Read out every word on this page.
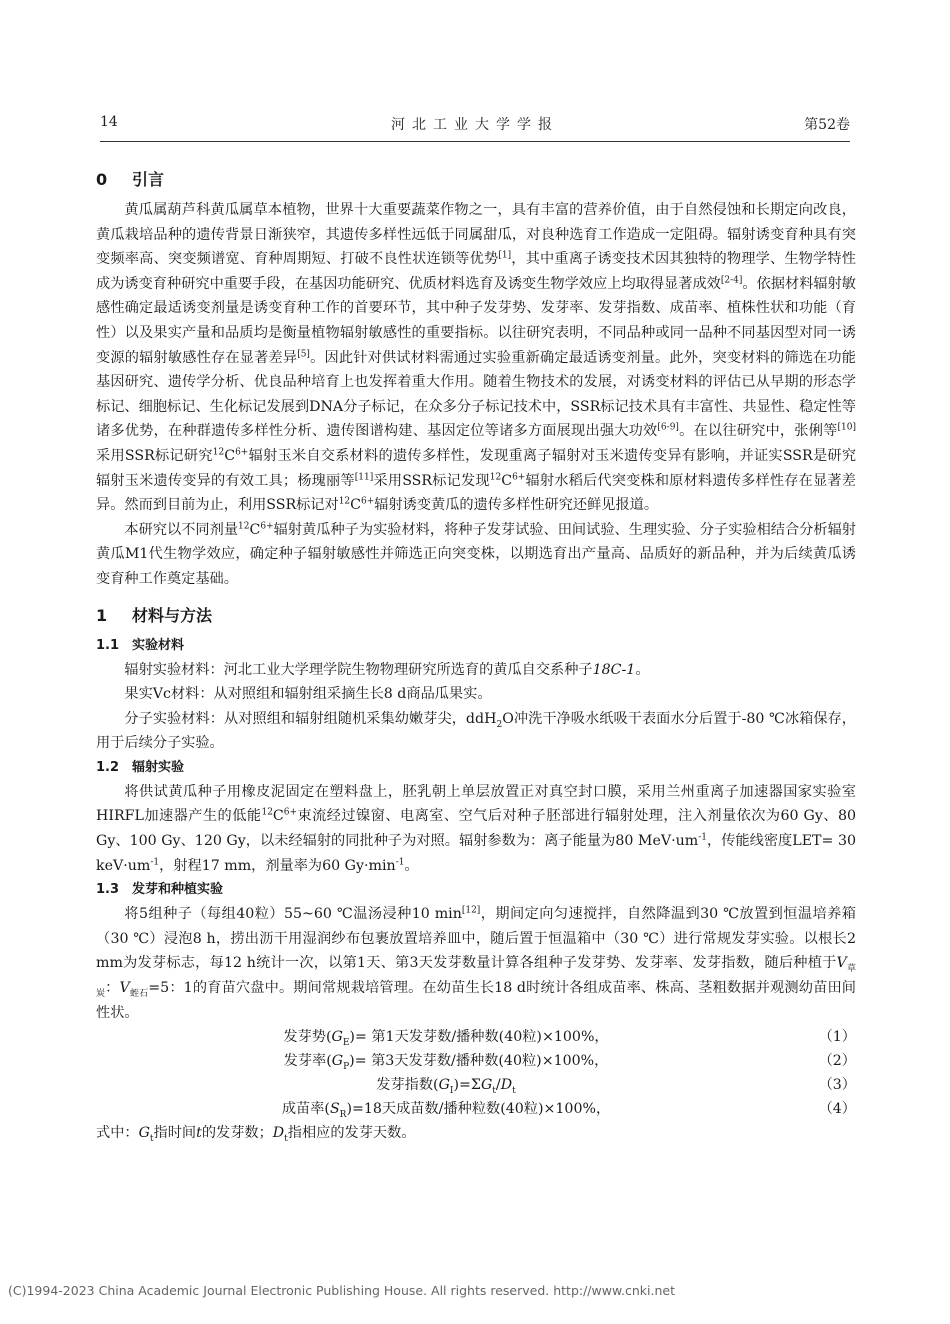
14	河北工业大学学报	第52卷
0 引言

黄瓜属葫芦科黄瓜属草本植物，世界十大重要蔬菜作物之一，具有丰富的营养价值，由于自然侵蚀和长期定向改良，黄瓜栽培品种的遗传背景日渐狭窄，其遗传多样性远低于同属甜瓜，对良种选育工作造成一定阻碍。辐射诱变育种具有突变频率高、突变频谱宽、育种周期短、打破不良性状连锁等优势[1]，其中重离子诱变技术因其独特的物理学、生物学特性成为诱变育种研究中重要手段，在基因功能研究、优质材料选育及诱变生物学效应上均取得显著成效[2-4]。依据材料辐射敏感性确定最适诱变剂量是诱变育种工作的首要环节，其中种子发芽势、发芽率、发芽指数、成苗率、植株性状和功能（育性）以及果实产量和品质均是衡量植物辐射敏感性的重要指标。以往研究表明，不同品种或同一品种不同基因型对同一诱变源的辐射敏感性存在显著差异[5]。因此针对供试材料需通过实验重新确定最适诱变剂量。此外，突变材料的筛选在功能基因研究、遗传学分析、优良品种培育上也发挥着重大作用。随着生物技术的发展，对诱变材料的评估已从早期的形态学标记、细胞标记、生化标记发展到DNA分子标记，在众多分子标记技术中，SSR标记技术具有丰富性、共显性、稳定性等诸多优势，在种群遗传多样性分析、遗传图谱构建、基因定位等诸多方面展现出强大功效[6-9]。在以往研究中，张俐等[10]采用SSR标记研究$^{12}C^{6+}$辐射玉米自交系材料的遗传多样性，发现重离子辐射对玉米遗传变异有影响，并证实SSR是研究辐射玉米遗传变异的有效工具；杨瑰丽等[11]采用SSR标记发现$^{12}C^{6+}$辐射水稻后代突变株和原材料遗传多样性存在显著差异。然而到目前为止，利用SSR标记对$^{12}C^{6+}$辐射诱变黄瓜的遗传多样性研究还鲜见报道。

本研究以不同剂量$^{12}C^{6+}$辐射黄瓜种子为实验材料，将种子发芽试验、田间试验、生理实验、分子实验相结合分析辐射黄瓜M1代生物学效应，确定种子辐射敏感性并筛选正向突变株，以期选育出产量高、品质好的新品种，并为后续黄瓜诱变育种工作奠定基础。

1 材料与方法
1.1 实验材料

辐射实验材料：河北工业大学理学院生物物理研究所选育的黄瓜自交系种子18C-1。

果实Vc材料：从对照组和辐射组采摘生长8 d商品瓜果实。

分子实验材料：从对照组和辐射组随机采集幼嫩芽尖，ddH$_2$O冲洗干净吸水纸吸干表面水分后置于-80 ℃冰箱保存，用于后续分子实验。

1.2 辐射实验

将供试黄瓜种子用橡皮泥固定在塑料盘上，胚乳朝上单层放置正对真空封口膜，采用兰州重离子加速器国家实验室HIRFL加速器产生的低能$^{12}C^{6+}$束流经过镍窗、电离室、空气后对种子胚部进行辐射处理，注入剂量依次为60 Gy、80 Gy、100 Gy、120 Gy，以未经辐射的同批种子为对照。辐射参数为：离子能量为80 $MeV\cdot um^{-1}$，传能线密度LET= 30 $keV\cdot um^{-1}$，射程17 mm，剂量率为60 $Gy\cdot\min^{-1}$。

1.3 发芽和种植实验

将5组种子（每组40粒）55~60 ℃温汤浸种10 min[12]，期间定向匀速搅拌，自然降温到30 ℃放置到恒温培养箱（30 ℃）浸泡8 h，捞出沥干用湿润纱布包裹放置培养皿中，随后置于恒温箱中（30 ℃）进行常规发芽实验。以根长2 mm为发芽标志，每12 h统计一次，以第1天、第3天发芽数量计算各组种子发芽势、发芽率、发芽指数，随后种植于$V_{草炭}$：$V_{蛭石}=5$：1的育苗穴盘中。期间常规栽培管理。在幼苗生长18 d时统计各组成苗率、株高、茎粗数据并观测幼苗田间性状。

发芽势$(G_E)=$ 第1天发芽数/播种数(40粒)×100%，	（1）
发芽率$(G_P)=$ 第3天发芽数/播种数(40粒)×100%，	（2）
发芽指数$(G_I)=\Sigma G_t/D_t$	（3）
成苗率$(S_R)=18$天成苗数/播种粒数(40粒)×100%，	（4）

式中：$G_t$指时间t的发芽数；$D_t$指相应的发芽天数。

(C)1994-2023 China Academic Journal Electronic Publishing House. All rights reserved. http://www.cnki.net
